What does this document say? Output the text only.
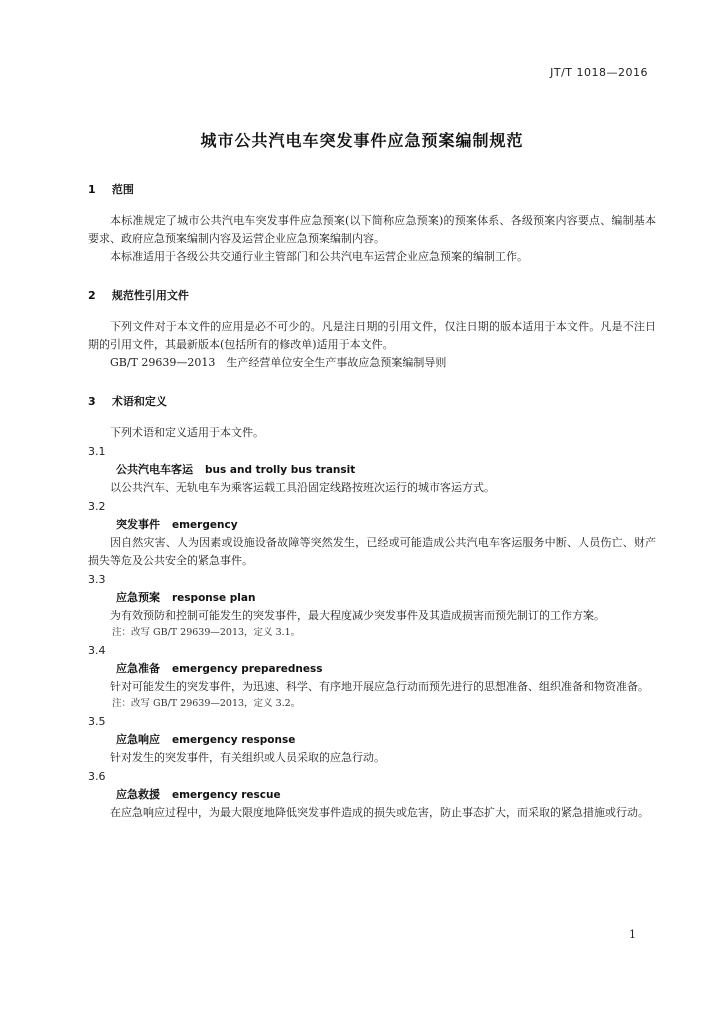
JT/T 1018—2016
城市公共汽电车突发事件应急预案编制规范
1 范围

本标准规定了城市公共汽电车突发事件应急预案(以下简称应急预案)的预案体系、各级预案内容要点、编制基本要求、政府应急预案编制内容及运营企业应急预案编制内容。

本标准适用于各级公共交通行业主管部门和公共汽电车运营企业应急预案的编制工作。

2 规范性引用文件

下列文件对于本文件的应用是必不可少的。凡是注日期的引用文件，仅注日期的版本适用于本文件。凡是不注日期的引用文件，其最新版本(包括所有的修改单)适用于本文件。

GB/T 29639—2013　生产经营单位安全生产事故应急预案编制导则

3 术语和定义

下列术语和定义适用于本文件。

3.1

公共汽电车客运 bus and trolly bus transit

以公共汽车、无轨电车为乘客运载工具沿固定线路按班次运行的城市客运方式。

3.2

突发事件 emergency

因自然灾害、人为因素或设施设备故障等突然发生，已经或可能造成公共汽电车客运服务中断、人员伤亡、财产损失等危及公共安全的紧急事件。

3.3

应急预案 response plan

为有效预防和控制可能发生的突发事件，最大程度减少突发事件及其造成损害而预先制订的工作方案。

注：改写 GB/T 29639—2013，定义 3.1。

3.4

应急准备 emergency preparedness

针对可能发生的突发事件，为迅速、科学、有序地开展应急行动而预先进行的思想准备、组织准备和物资准备。

注：改写 GB/T 29639—2013，定义 3.2。

3.5

应急响应 emergency response

针对发生的突发事件，有关组织或人员采取的应急行动。

3.6

应急救援 emergency rescue

在应急响应过程中，为最大限度地降低突发事件造成的损失或危害，防止事态扩大，而采取的紧急措施或行动。

1
